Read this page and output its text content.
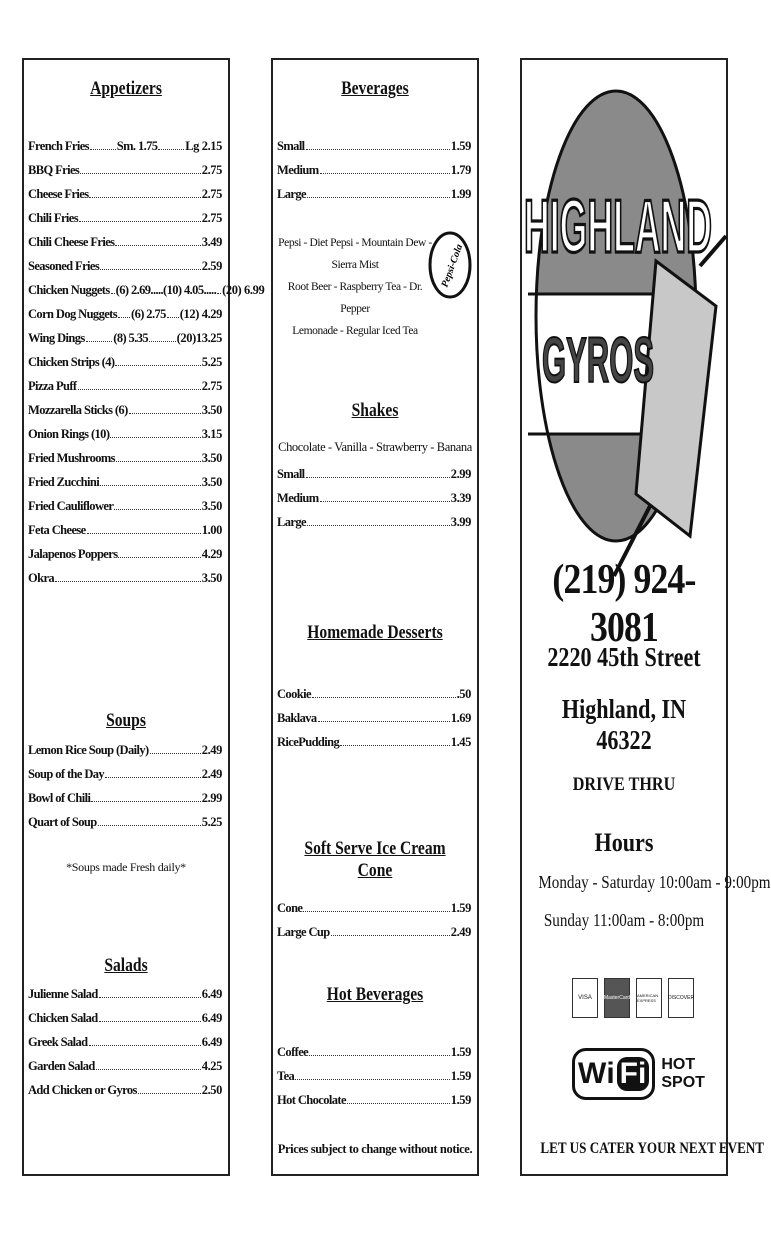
Appetizers
French Fries Sm. 1.75 Lg 2.15
BBQ Fries	2.75
Cheese Fries	2.75
Chili Fries	2.75
Chili Cheese Fries	3.49
Seasoned Fries	2.59
Chicken Nuggets (6) 2.69.....(10) 4.05..... (20) 6.99
Corn Dog Nuggets (6) 2.75 (12) 4.29
Wing Dings (8) 5.35 (20)13.25
Chicken Strips (4)	5.25
Pizza Puff	2.75
Mozzarella Sticks (6)	3.50
Onion Rings (10)	3.15
Fried Mushrooms	3.50
Fried Zucchini	3.50
Fried Cauliflower	3.50
Feta Cheese	1.00
Jalapenos Poppers	4.29
Okra	3.50
Soups
Lemon Rice Soup (Daily)	2.49
Soup of the Day	2.49
Bowl of Chili	2.99
Quart of Soup	5.25
*Soups made Fresh daily*
Salads
Julienne Salad	6.49
Chicken Salad	6.49
Greek Salad	6.49
Garden Salad	4.25
Add Chicken or Gyros	2.50
Beverages
Small	1.59
Medium	1.79
Large	1.99
Pepsi - Diet Pepsi - Mountain Dew - Sierra Mist
Root Beer - Raspberry Tea - Dr. Pepper
Lemonade - Regular Iced Tea
Pepsi-Cola
Shakes
Chocolate - Vanilla - Strawberry - Banana
Small	2.99
Medium	3.39
Large	3.99
Homemade Desserts
Cookie	.50
Baklava	1.69
RicePudding	1.45
Soft Serve Ice Cream Cone
Cone	1.59
Large Cup	2.49
Hot Beverages
Coffee	1.59
Tea	1.59
Hot Chocolate	1.59
Prices subject to change without notice.
HIGHLAND
GYROS
(219) 924-3081
2220 45th Street
Highland, IN 46322
DRIVE THRU
Hours
Monday - Saturday 10:00am - 9:00pm
Sunday 11:00am - 8:00pm
VISA MasterCard AMERICAN EXPRESS	DISCOVER
W i Fi HOT SPOT
LET US CATER YOUR NEXT EVENT
